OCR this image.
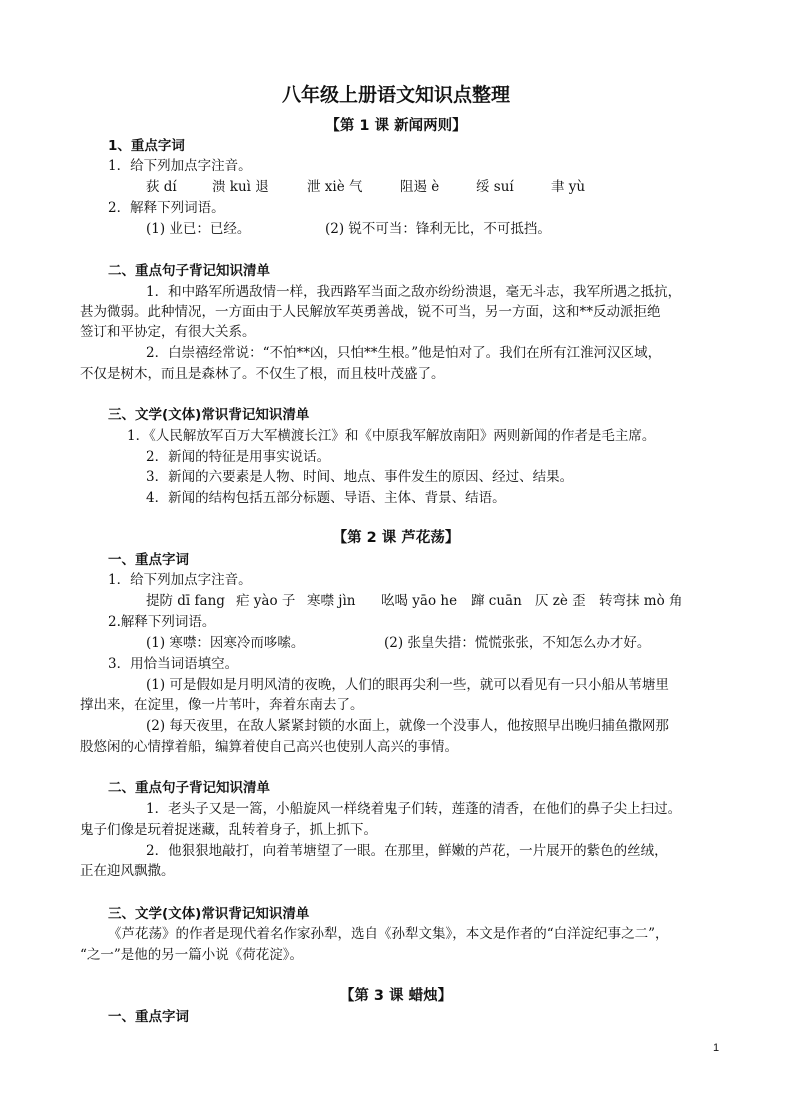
八年级上册语文知识点整理
【第 1 课 新闻两则】
1、重点字词
1．给下列加点字注音。
荻 dí	溃 kuì 退	泄 xiè 气	阻遏 è	绥 suí	聿 yù
2．解释下列词语。
(1) 业已：已经。	(2) 锐不可当：锋利无比，不可抵挡。
二、重点句子背记知识清单
1．和中路军所遇敌情一样，我西路军当面之敌亦纷纷溃退，毫无斗志，我军所遇之抵抗，
甚为微弱。此种情况，一方面由于人民解放军英勇善战，锐不可当，另一方面，这和**反动派拒绝
签订和平协定，有很大关系。
2．白崇禧经常说：“不怕**凶，只怕**生根。”他是怕对了。我们在所有江淮河汉区域，
不仅是树木，而且是森林了。不仅生了根，而且枝叶茂盛了。
三、文学(文体)常识背记知识清单
1．《人民解放军百万大军横渡长江》和《中原我军解放南阳》两则新闻的作者是毛主席。
2．新闻的特征是用事实说话。
3．新闻的六要素是人物、时间、地点、事件发生的原因、经过、结果。
4．新闻的结构包括五部分标题、导语、主体、背景、结语。
【第 2 课 芦花荡】
一、重点字词
1．给下列加点字注音。
提防 dī fang 疟 yào 子 寒噤 jìn 吆喝 yāo he 蹿 cuān 仄 zè 歪 转弯抹 mò 角
2.解释下列词语。
(1) 寒噤：因寒冷而哆嗦。	(2) 张皇失措：慌慌张张，不知怎么办才好。
3．用恰当词语填空。
(1) 可是假如是月明风清的夜晚，人们的眼再尖利一些，就可以看见有一只小船从苇塘里
撑出来，在淀里，像一片苇叶，奔着东南去了。
(2) 每天夜里，在敌人紧紧封锁的水面上，就像一个没事人，他按照早出晚归捕鱼撒网那
股悠闲的心情撑着船，编算着使自己高兴也使别人高兴的事情。
二、重点句子背记知识清单
1．老头子又是一篙，小船旋风一样绕着鬼子们转，莲蓬的清香，在他们的鼻子尖上扫过。
鬼子们像是玩着捉迷藏，乱转着身子，抓上抓下。
2．他狠狠地敲打，向着苇塘望了一眼。在那里，鲜嫩的芦花，一片展开的紫色的丝绒，
正在迎风飘撒。
三、文学(文体)常识背记知识清单
《芦花荡》的作者是现代着名作家孙犁，选自《孙犁文集》，本文是作者的“白洋淀纪事之二”，
“之一”是他的另一篇小说《荷花淀》。
【第 3 课 蜡烛】
一、重点字词
1
